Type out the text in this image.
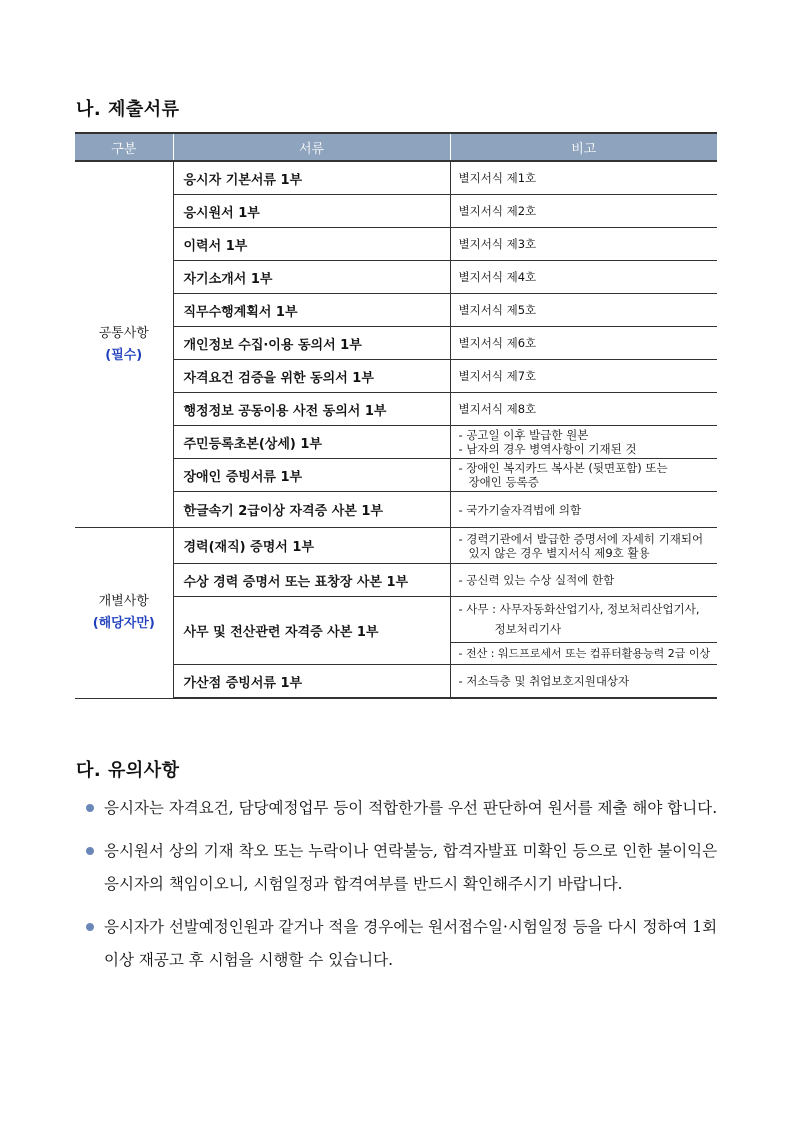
나. 제출서류
구분	서류	비고
공통사항
(필수)	응시자 기본서류 1부	별지서식 제1호
	응시원서 1부	별지서식 제2호
	이력서 1부	별지서식 제3호
	자기소개서 1부	별지서식 제4호
	직무수행계획서 1부	별지서식 제5호
	개인정보 수집·이용 동의서 1부	별지서식 제6호
	자격요건 검증을 위한 동의서 1부	별지서식 제7호
	행정정보 공동이용 사전 동의서 1부	별지서식 제8호
	주민등록초본(상세) 1부	- 공고일 이후 발급한 원본
- 남자의 경우 병역사항이 기재된 것

	장애인 증빙서류 1부	- 장애인 복지카드 복사본 (뒷면포함) 또는
장애인 등록증

	한글속기 2급이상 자격증 사본 1부	- 국가기술자격법에 의함
개별사항
(해당자만)	경력(재직) 증명서 1부	- 경력기관에서 발급한 증명서에 자세히 기재되어
있지 않은 경우 별지서식 제9호 활용

	수상 경력 증명서 또는 표창장 사본 1부	- 공신력 있는 수상 실적에 한함
	사무 및 전산관련 자격증 사본 1부	- 사무 : 사무자동화산업기사, 정보처리산업기사,
정보처리기사
- 전산 : 워드프로세서 또는 컴퓨터활용능력 2급 이상

	가산점 증빙서류 1부	- 저소득층 및 취업보호지원대상자
다. 유의사항
응시자는 자격요건, 담당예정업무 등이 적합한가를 우선 판단하여 원서를 제출 해야 합니다.
응시원서 상의 기재 착오 또는 누락이나 연락불능, 합격자발표 미확인 등으로 인한 불이익은 응시자의 책임이오니, 시험일정과 합격여부를 반드시 확인해주시기 바랍니다.
응시자가 선발예정인원과 같거나 적을 경우에는 원서접수일·시험일정 등을 다시 정하여 1회 이상 재공고 후 시험을 시행할 수 있습니다.
